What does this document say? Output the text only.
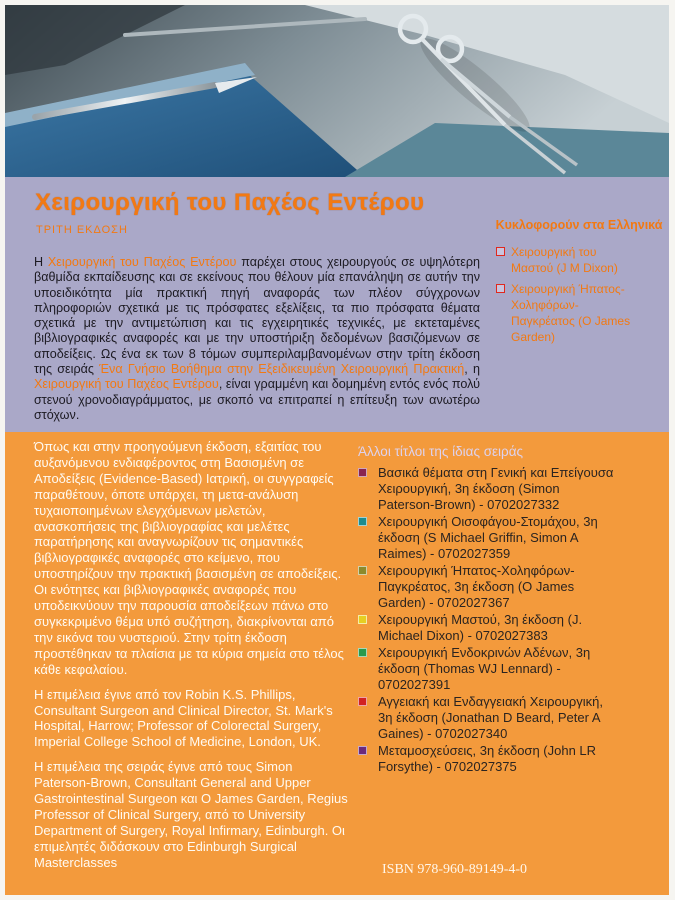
Χειρουργική του Παχέος Εντέρου
ΤΡΙΤΗ ΕΚΔΟΣΗ

Η Χειρουργική του Παχέος Εντέρου παρέχει στους χειρουργούς σε υψηλότερη βαθμίδα εκπαίδευσης και σε εκείνους που θέλουν μία επανάληψη σε αυτήν την υποειδικότητα μία πρακτική πηγή αναφοράς των πλέον σύγχρονων πληροφοριών σχετικά με τις πρόσφατες εξελίξεις, τα πιο πρόσφατα θέματα σχετικά με την αντιμετώπιση και τις εγχειρητικές τεχνικές, με εκτεταμένες βιβλιογραφικές αναφορές και με την υποστήριξη δεδομένων βασιζόμενων σε αποδείξεις. Ως ένα εκ των 8 τόμων συμπεριλαμβανομένων στην τρίτη έκδοση της σειράς Ένα Γνήσιο Βοήθημα στην Εξειδικευμένη Χειρουργική Πρακτική, η Χειρουργική του Παχέος Εντέρου, είναι γραμμένη και δομημένη εντός ενός πολύ στενού χρονοδιαγράμματος, με σκοπό να επιτραπεί η επίτευξη των ανωτέρω στόχων.

Κυκλοφορούν στα Ελληνικά
Χειρουργική του Μαστού (J M Dixon)
Χειρουργική Ήπατος-Χοληφόρων-Παγκρέατος (O James Garden)

Όπως και στην προηγούμενη έκδοση, εξαιτίας του αυξανόμενου ενδιαφέροντος στη Βασισμένη σε Αποδείξεις (Evidence-Based) Ιατρική, οι συγγραφείς παραθέτουν, όποτε υπάρχει, τη μετα-ανάλυση τυχαιοποιημένων ελεγχόμενων μελετών, ανασκοπήσεις της βιβλιογραφίας και μελέτες παρατήρησης και αναγνωρίζουν τις σημαντικές βιβλιογραφικές αναφορές στο κείμενο, που υποστηρίζουν την πρακτική βασισμένη σε αποδείξεις. Οι ενότητες και βιβλιογραφικές αναφορές που υποδεικνύουν την παρουσία αποδείξεων πάνω στο συγκεκριμένο θέμα υπό συζήτηση, διακρίνονται από την εικόνα του νυστεριού. Στην τρίτη έκδοση προστέθηκαν τα πλαίσια με τα κύρια σημεία στο τέλος κάθε κεφαλαίου.

Η επιμέλεια έγινε από τον Robin K.S. Phillips, Consultant Surgeon and Clinical Director, St. Mark's Hospital, Harrow; Professor of Colorectal Surgery, Imperial College School of Medicine, London, UK.

Η επιμέλεια της σειράς έγινε από τους Simon Paterson-Brown, Consultant General and Upper Gastrointestinal Surgeon και O James Garden, Regius Professor of Clinical Surgery, από το University Department of Surgery, Royal Infirmary, Edinburgh. Οι επιμελητές διδάσκουν στο Edinburgh Surgical Masterclasses

Άλλοι τίτλοι της ίδιας σειράς
Βασικά θέματα στη Γενική και Επείγουσα Χειρουργική, 3η έκδοση (Simon Paterson-Brown) - 0702027332
Χειρουργική Οισοφάγου-Στομάχου, 3η έκδοση (S Michael Griffin, Simon A Raimes) - 0702027359
Χειρουργική Ήπατος-Χοληφόρων-Παγκρέατος, 3η έκδοση (O James Garden) - 0702027367
Χειρουργική Μαστού, 3η έκδοση (J. Michael Dixon) - 0702027383
Χειρουργική Ενδοκρινών Αδένων, 3η έκδοση (Thomas WJ Lennard) - 0702027391
Αγγειακή και Ενδαγγειακή Χειρουργική, 3η έκδοση (Jonathan D Beard, Peter A Gaines) - 0702027340
Μεταμοσχεύσεις, 3η έκδοση (John LR Forsythe) - 0702027375
ISBN 978-960-89149-4-0
